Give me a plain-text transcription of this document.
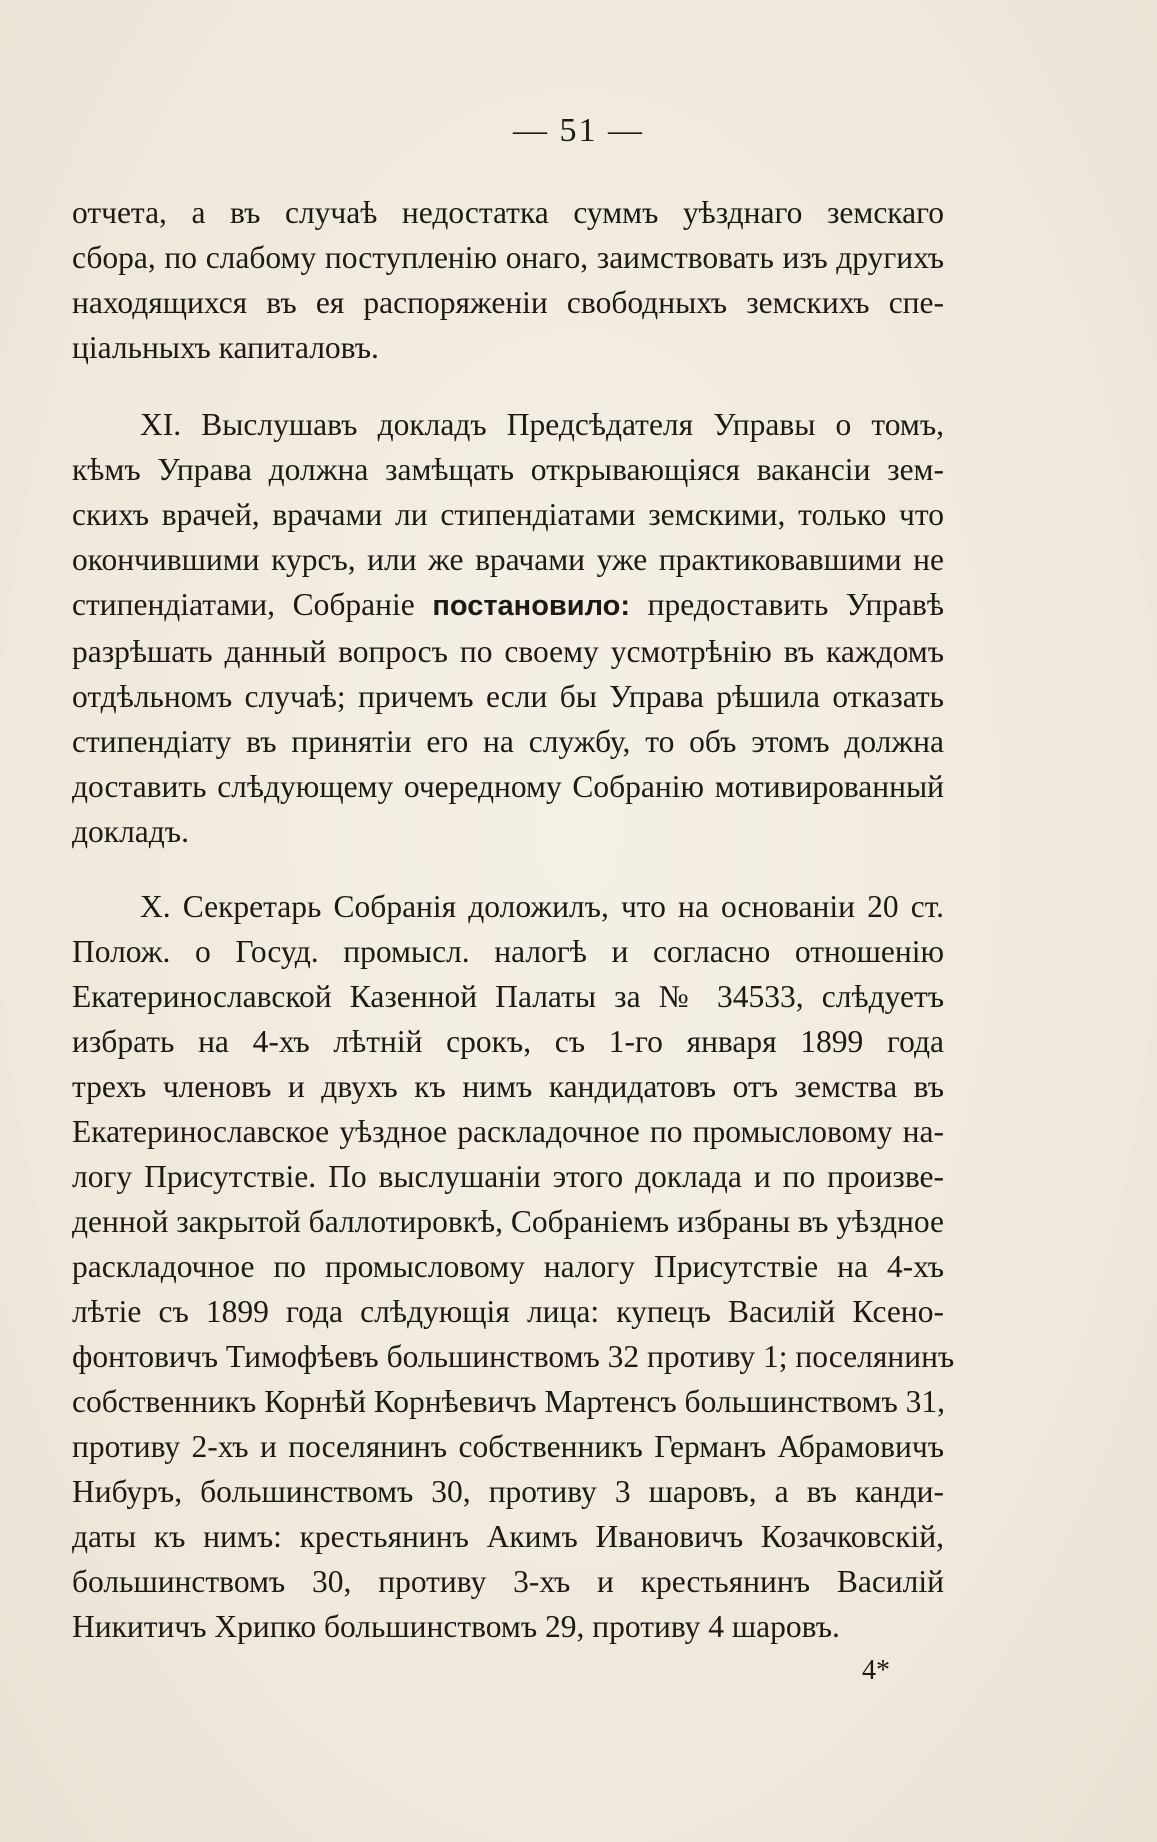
— 51 —
отчета, а въ случаѣ недостатка суммъ уѣзднаго земскаго
сбора, по слабому поступленію онаго, заимствовать изъ другихъ
находящихся въ ея распоряженіи свободныхъ земскихъ спе-
ціальныхъ капиталовъ.
XI. Выслушавъ докладъ Предсѣдателя Управы о томъ,
кѣмъ Управа должна замѣщать открывающіяся вакансіи зем-
скихъ врачей, врачами ли стипендіатами земскими, только что
окончившими курсъ, или же врачами уже практиковавшими не
стипендіатами, Собраніе постановило: предоставить Управѣ
разрѣшать данный вопросъ по своему усмотрѣнію въ каждомъ
отдѣльномъ случаѣ; причемъ если бы Управа рѣшила отказать
стипендіату въ принятіи его на службу, то объ этомъ должна
доставить слѣдующему очередному Собранію мотивированный
докладъ.
X. Секретарь Собранія доложилъ, что на основаніи 20 ст.
Полож. о Госуд. промысл. налогѣ и согласно отношенію
Екатеринославской Казенной Палаты за № 34533, слѣдуетъ
избрать на 4-хъ лѣтній срокъ, съ 1-го января 1899 года
трехъ членовъ и двухъ къ нимъ кандидатовъ отъ земства въ
Екатеринославское уѣздное раскладочное по промысловому на-
логу Присутствіе. По выслушаніи этого доклада и по произве-
денной закрытой баллотировкѣ, Собраніемъ избраны въ уѣздное
раскладочное по промысловому налогу Присутствіе на 4-хъ
лѣтіе съ 1899 года слѣдующія лица: купецъ Василій Ксено-
фонтовичъ Тимофѣевъ большинствомъ 32 противу 1; поселянинъ
собственникъ Корнѣй Корнѣевичъ Мартенсъ большинствомъ 31,
противу 2-хъ и поселянинъ собственникъ Германъ Абрамовичъ
Нибуръ, большинствомъ 30, противу 3 шаровъ, а въ канди-
даты къ нимъ: крестьянинъ Акимъ Ивановичъ Козачковскій,
большинствомъ 30, противу 3-хъ и крестьянинъ Василій
Никитичъ Хрипко большинствомъ 29, противу 4 шаровъ.
4*
